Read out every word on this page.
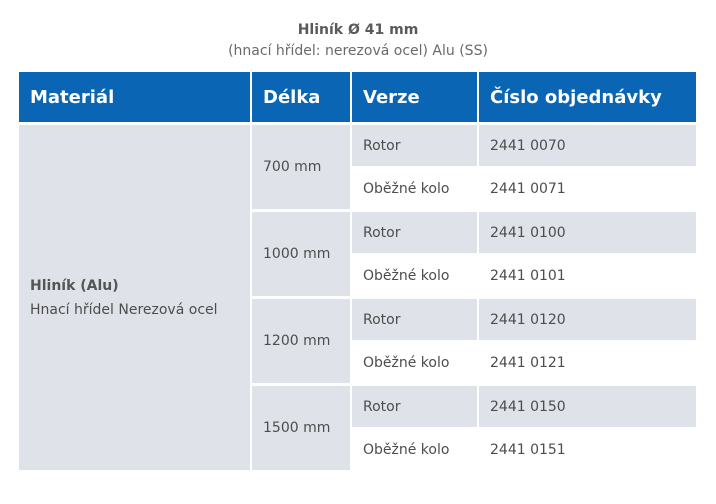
Hliník Ø 41 mm
(hnací hřídel: nerezová ocel) Alu (SS)
Materiál	Délka	Verze	Číslo objednávky

Hliník (Alu)
Hnací hřídel Nerezová ocel	700 mm	Rotor	2441 0070
		Oběžné kolo	2441 0071
	1000 mm	Rotor	2441 0100
		Oběžné kolo	2441 0101
	1200 mm	Rotor	2441 0120
		Oběžné kolo	2441 0121
	1500 mm	Rotor	2441 0150
		Oběžné kolo	2441 0151
